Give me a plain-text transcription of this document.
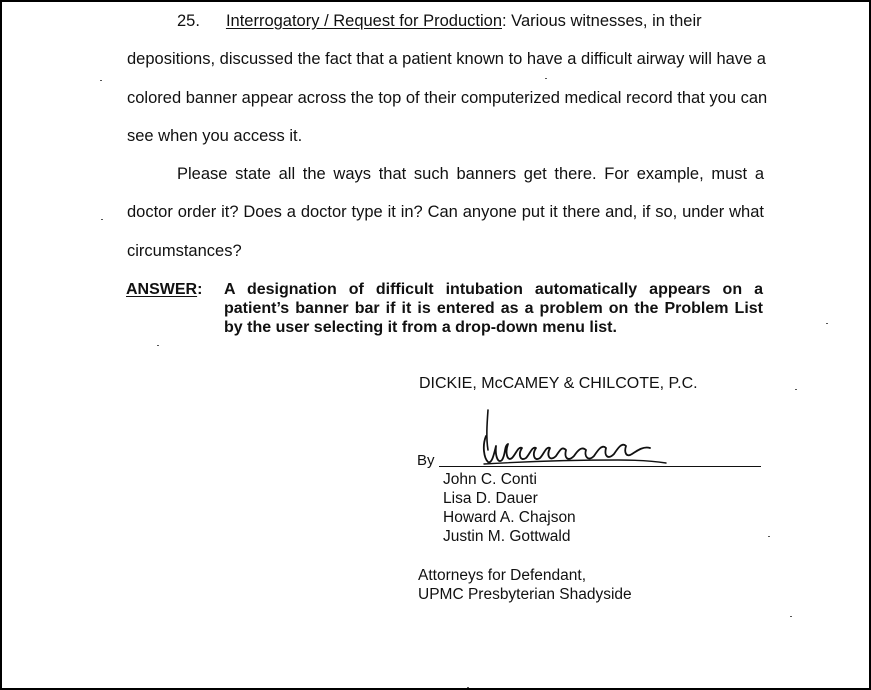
25. Interrogatory / Request for Production: Various witnesses, in their
depositions, discussed the fact that a patient known to have a difficult airway will have a
colored banner appear across the top of their computerized medical record that you can
see when you access it.
Please state all the ways that such banners get there. For example, must a
doctor order it? Does a doctor type it in? Can anyone put it there and, if so, under what
circumstances?
ANSWER: A designation of difficult intubation automatically appears on a
patient’s banner bar if it is entered as a problem on the Problem List
by the user selecting it from a drop-down menu list.
DICKIE, McCAMEY & CHILCOTE, P.C.
By
John C. Conti
Lisa D. Dauer
Howard A. Chajson
Justin M. Gottwald
Attorneys for Defendant,
UPMC Presbyterian Shadyside
